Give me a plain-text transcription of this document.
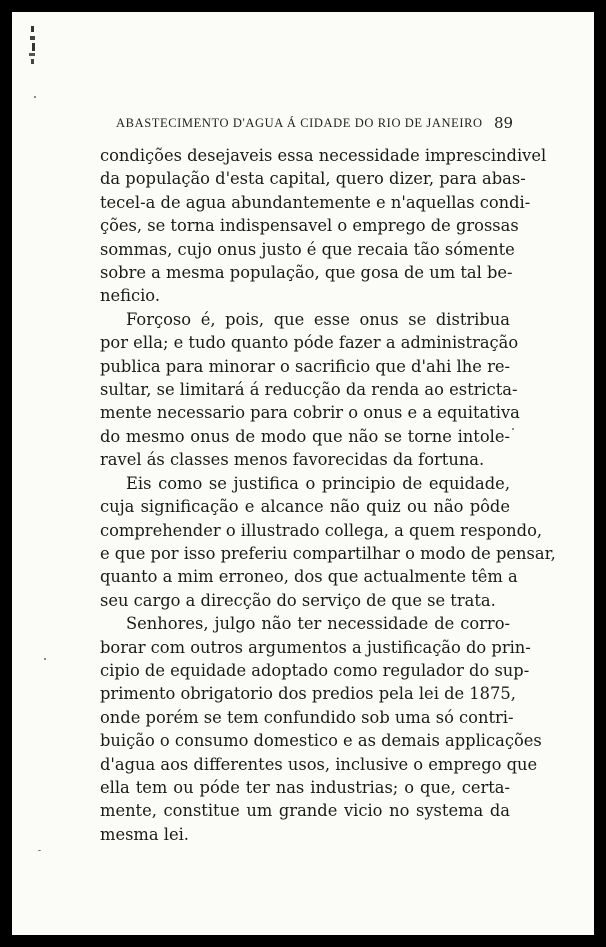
ABASTECIMENTO D'AGUA Á CIDADE DO RIO DE JANEIRO 89
condições desejaveis essa necessidade imprescindivel
da população d'esta capital, quero dizer, para abas-
tecel-a de agua abundantemente e n'aquellas condi-
ções, se torna indispensavel o emprego de grossas
sommas, cujo onus justo é que recaia tão sómente
sobre a mesma população, que gosa de um tal be-
neficio.
Forçoso é, pois, que esse onus se distribua
por ella; e tudo quanto póde fazer a administração
publica para minorar o sacrificio que d'ahi lhe re-
sultar, se limitará á reducção da renda ao estricta-
mente necessario para cobrir o onus e a equitativa
do mesmo onus de modo que não se torne intole-
ravel ás classes menos favorecidas da fortuna.
Eis como se justifica o principio de equidade,
cuja significação e alcance não quiz ou não pôde
comprehender o illustrado collega, a quem respondo,
e que por isso preferiu compartilhar o modo de pensar,
quanto a mim erroneo, dos que actualmente têm a
seu cargo a direcção do serviço de que se trata.
Senhores, julgo não ter necessidade de corro-
borar com outros argumentos a justificação do prin-
cipio de equidade adoptado como regulador do sup-
primento obrigatorio dos predios pela lei de 1875,
onde porém se tem confundido sob uma só contri-
buição o consumo domestico e as demais applicações
d'agua aos differentes usos, inclusive o emprego que
ella tem ou póde ter nas industrias; o que, certa-
mente, constitue um grande vicio no systema da
mesma lei.
